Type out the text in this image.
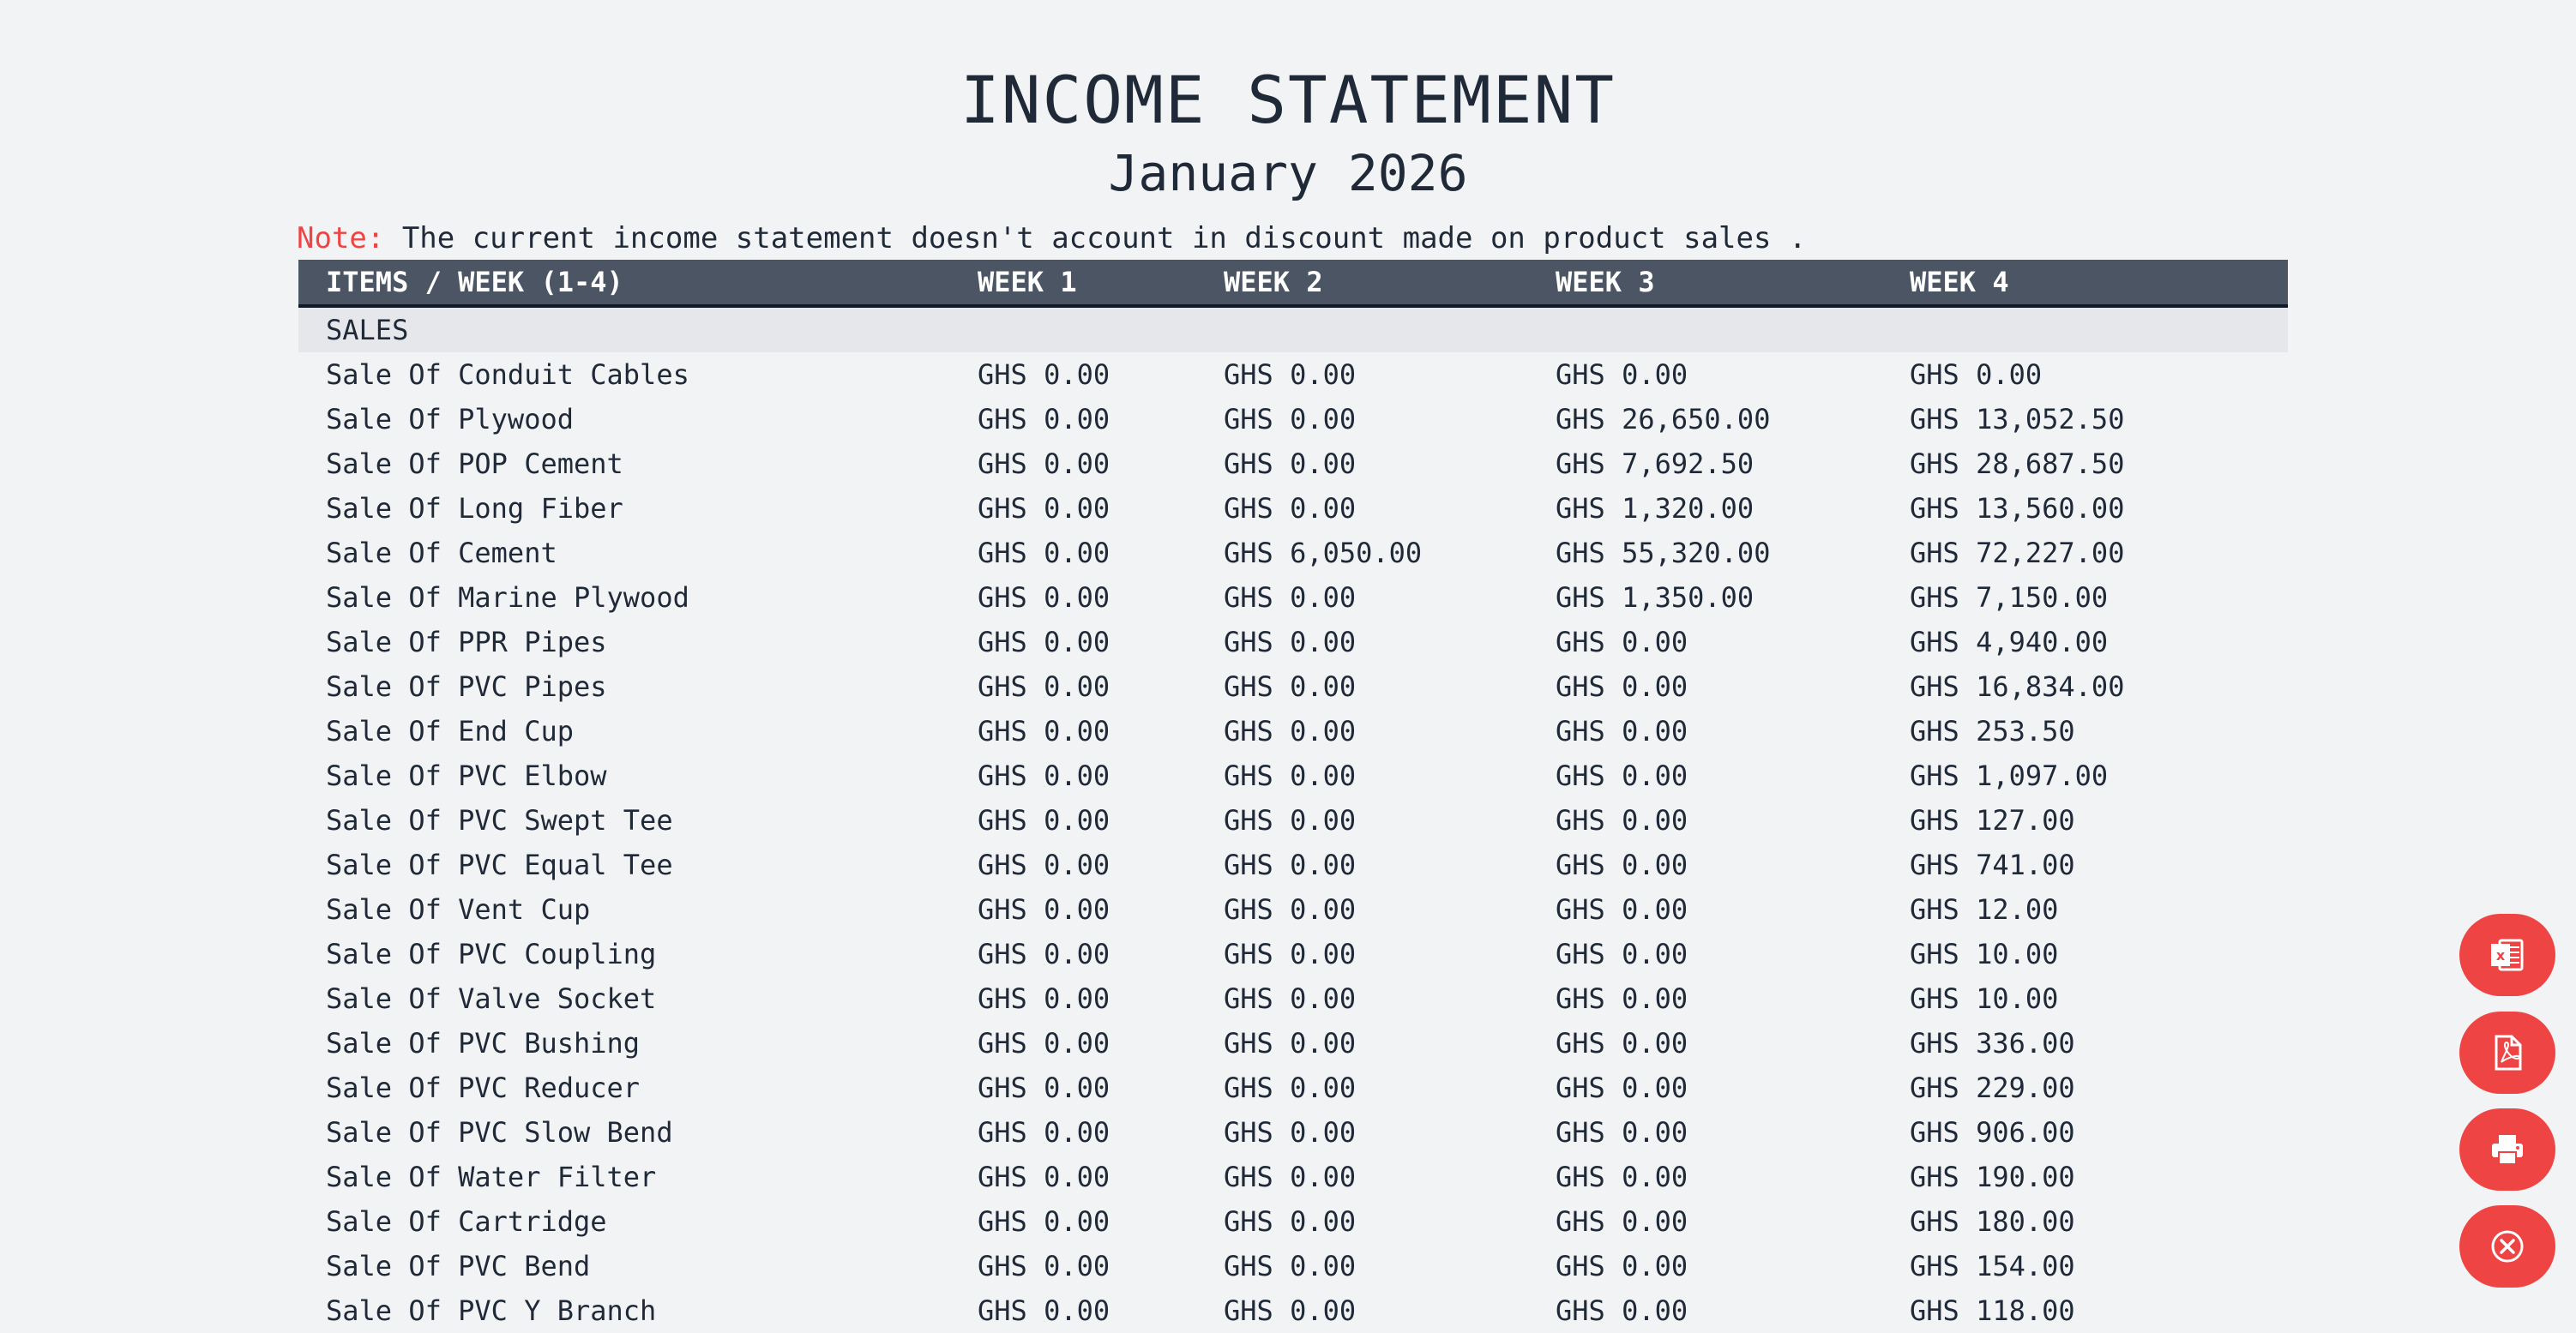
INCOME STATEMENT
January 2026
Note: The current income statement doesn't account in discount made on product sales .
ITEMS / WEEK (1-4)	WEEK 1	WEEK 2	WEEK 3	WEEK 4
SALES				
Sale Of Conduit Cables	GHS 0.00	GHS 0.00	GHS 0.00	GHS 0.00
Sale Of Plywood	GHS 0.00	GHS 0.00	GHS 26,650.00	GHS 13,052.50
Sale Of POP Cement	GHS 0.00	GHS 0.00	GHS 7,692.50	GHS 28,687.50
Sale Of Long Fiber	GHS 0.00	GHS 0.00	GHS 1,320.00	GHS 13,560.00
Sale Of Cement	GHS 0.00	GHS 6,050.00	GHS 55,320.00	GHS 72,227.00
Sale Of Marine Plywood	GHS 0.00	GHS 0.00	GHS 1,350.00	GHS 7,150.00
Sale Of PPR Pipes	GHS 0.00	GHS 0.00	GHS 0.00	GHS 4,940.00
Sale Of PVC Pipes	GHS 0.00	GHS 0.00	GHS 0.00	GHS 16,834.00
Sale Of End Cup	GHS 0.00	GHS 0.00	GHS 0.00	GHS 253.50
Sale Of PVC Elbow	GHS 0.00	GHS 0.00	GHS 0.00	GHS 1,097.00
Sale Of PVC Swept Tee	GHS 0.00	GHS 0.00	GHS 0.00	GHS 127.00
Sale Of PVC Equal Tee	GHS 0.00	GHS 0.00	GHS 0.00	GHS 741.00
Sale Of Vent Cup	GHS 0.00	GHS 0.00	GHS 0.00	GHS 12.00
Sale Of PVC Coupling	GHS 0.00	GHS 0.00	GHS 0.00	GHS 10.00
Sale Of Valve Socket	GHS 0.00	GHS 0.00	GHS 0.00	GHS 10.00
Sale Of PVC Bushing	GHS 0.00	GHS 0.00	GHS 0.00	GHS 336.00
Sale Of PVC Reducer	GHS 0.00	GHS 0.00	GHS 0.00	GHS 229.00
Sale Of PVC Slow Bend	GHS 0.00	GHS 0.00	GHS 0.00	GHS 906.00
Sale Of Water Filter	GHS 0.00	GHS 0.00	GHS 0.00	GHS 190.00
Sale Of Cartridge	GHS 0.00	GHS 0.00	GHS 0.00	GHS 180.00
Sale Of PVC Bend	GHS 0.00	GHS 0.00	GHS 0.00	GHS 154.00
Sale Of PVC Y Branch	GHS 0.00	GHS 0.00	GHS 0.00	GHS 118.00
x
